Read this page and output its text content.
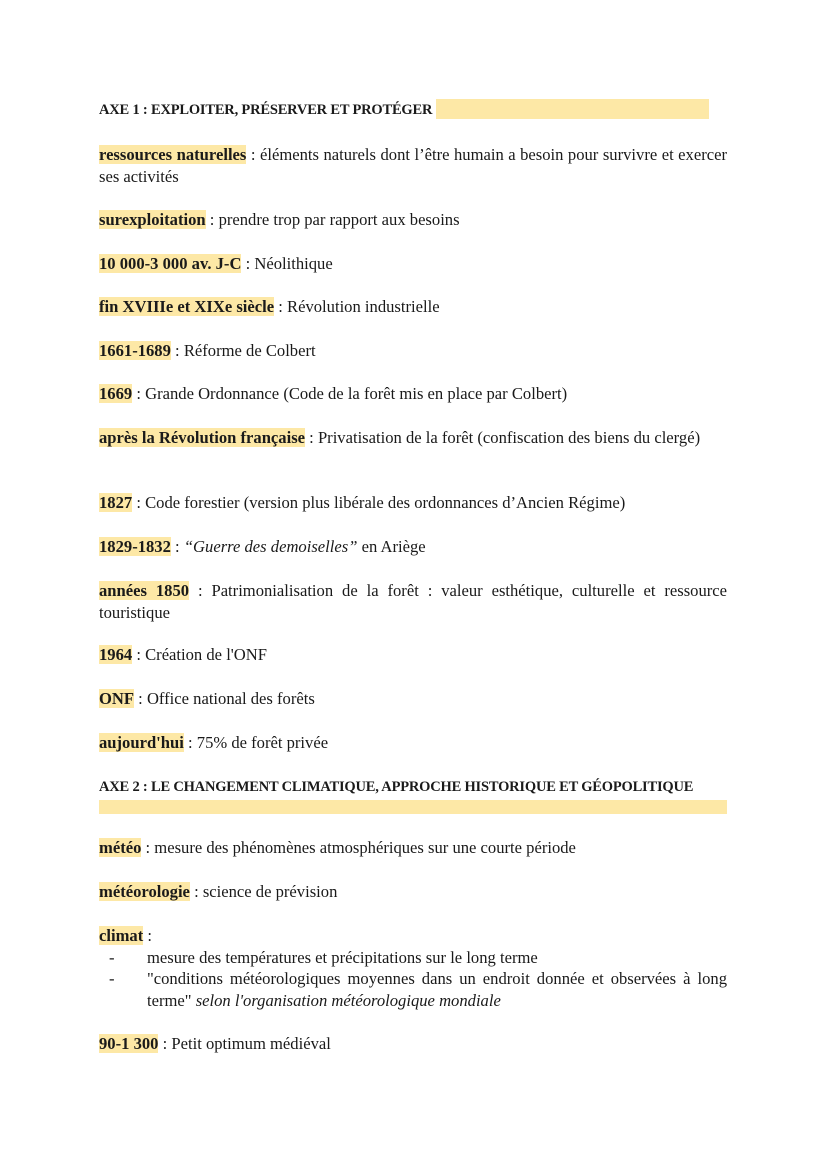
AXE 1 : EXPLOITER, PRÉSERVER ET PROTÉGER
ressources naturelles : éléments naturels dont l’être humain a besoin pour survivre et exercer ses activités
surexploitation : prendre trop par rapport aux besoins
10 000-3 000 av. J-C : Néolithique
fin XVIIIe et XIXe siècle : Révolution industrielle
1661-1689 : Réforme de Colbert
1669 : Grande Ordonnance (Code de la forêt mis en place par Colbert)
après la Révolution française : Privatisation de la forêt (confiscation des biens du clergé)
1827 : Code forestier (version plus libérale des ordonnances d’Ancien Régime)
1829-1832 : “Guerre des demoiselles” en Ariège
années 1850 : Patrimonialisation de la forêt : valeur esthétique, culturelle et ressource touristique
1964 : Création de l'ONF
ONF : Office national des forêts
aujourd'hui : 75% de forêt privée
AXE 2 : LE CHANGEMENT CLIMATIQUE, APPROCHE HISTORIQUE ET GÉOPOLITIQUE
météo : mesure des phénomènes atmosphériques sur une courte période
météorologie : science de prévision
climat :
- mesure des températures et précipitations sur le long terme
- "conditions météorologiques moyennes dans un endroit donnée et observées à long terme" selon l'organisation météorologique mondiale
90-1 300 : Petit optimum médiéval
